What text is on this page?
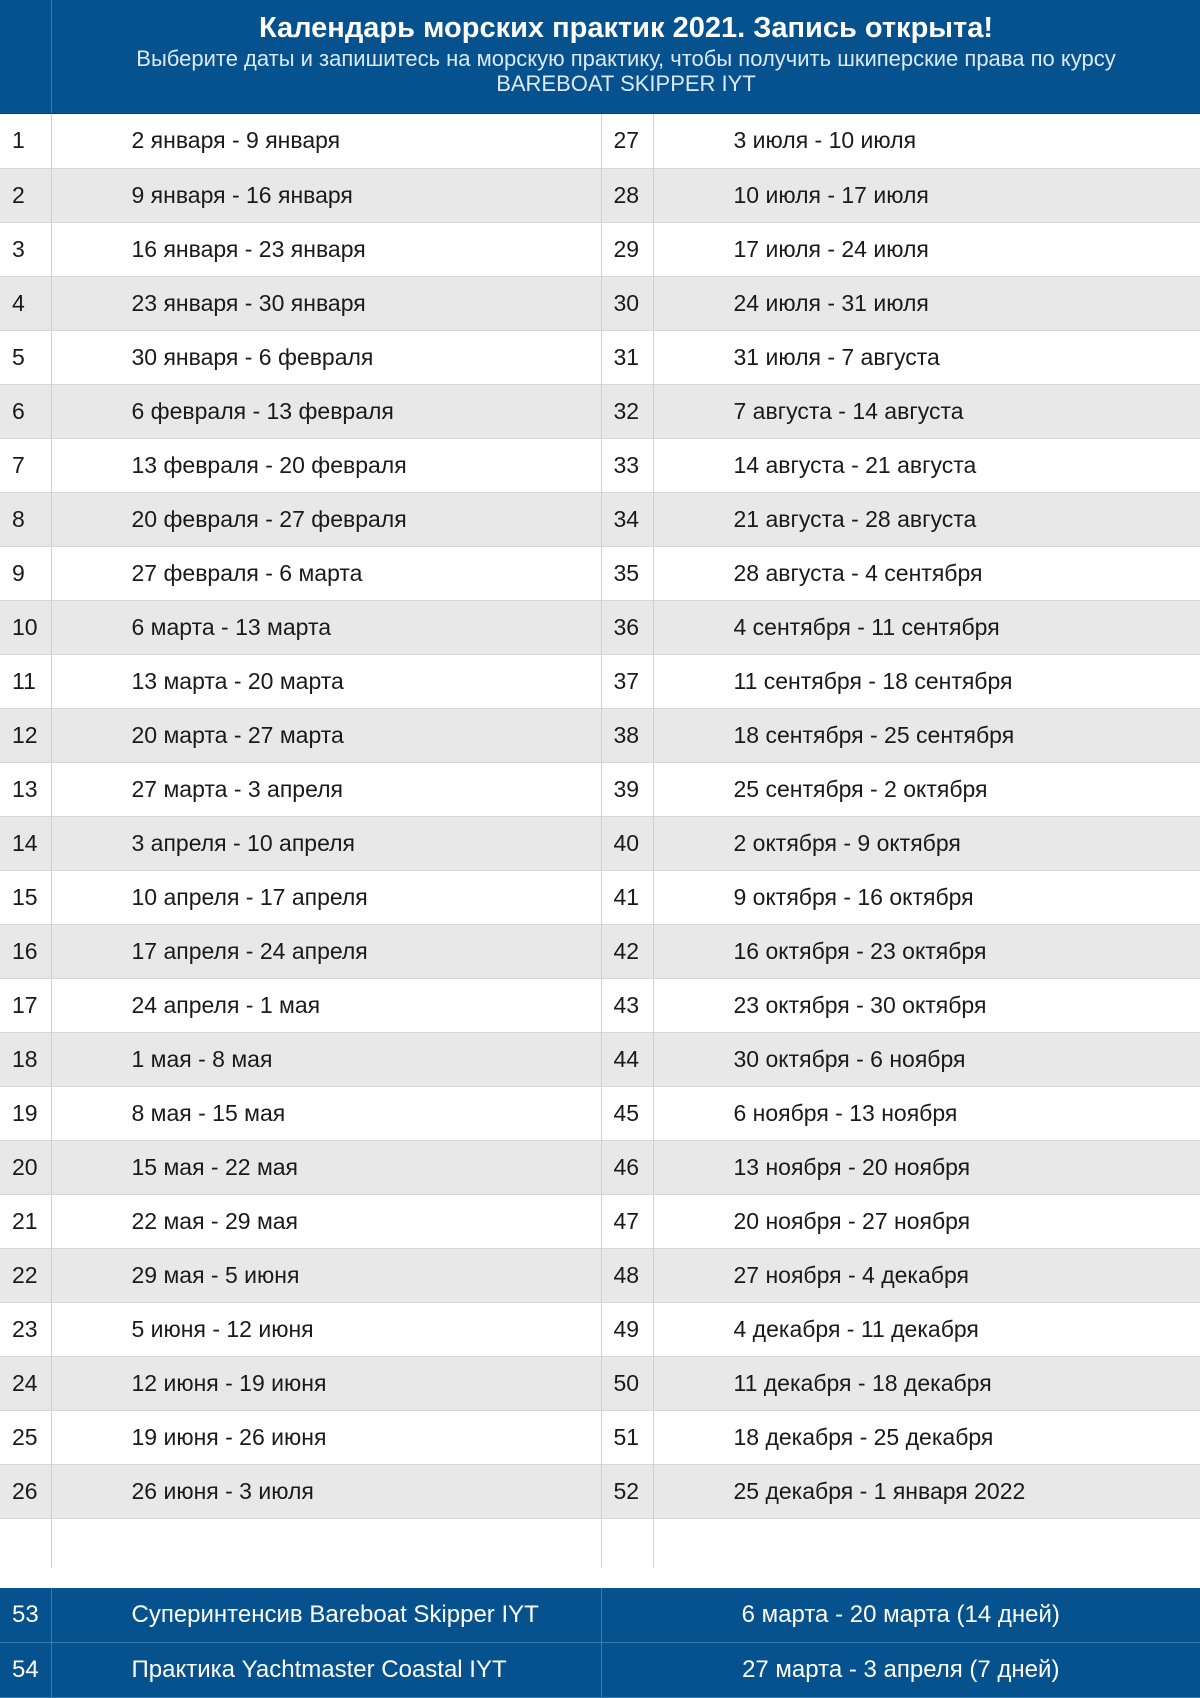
Календарь морских практик 2021. Запись открыта!
Выберите даты и запишитесь на морскую практику, чтобы получить шкиперские права по курсу
BAREBOAT SKIPPER IYT
1	2 января - 9 января	27	3 июля - 10 июля
2	9 января - 16 января	28	10 июля - 17 июля
3	16 января - 23 января	29	17 июля - 24 июля
4	23 января - 30 января	30	24 июля - 31 июля
5	30 января - 6 февраля	31	31 июля - 7 августа
6	6 февраля - 13 февраля	32	7 августа - 14 августа
7	13 февраля - 20 февраля	33	14 августа - 21 августа
8	20 февраля - 27 февраля	34	21 августа - 28 августа
9	27 февраля - 6 марта	35	28 августа - 4 сентября
10	6 марта - 13 марта	36	4 сентября - 11 сентября
11	13 марта - 20 марта	37	11 сентября - 18 сентября
12	20 марта - 27 марта	38	18 сентября - 25 сентября
13	27 марта - 3 апреля	39	25 сентября - 2 октября
14	3 апреля - 10 апреля	40	2 октября - 9 октября
15	10 апреля - 17 апреля	41	9 октября - 16 октября
16	17 апреля - 24 апреля	42	16 октября - 23 октября
17	24 апреля - 1 мая	43	23 октября - 30 октября
18	1 мая - 8 мая	44	30 октября - 6 ноября
19	8 мая - 15 мая	45	6 ноября - 13 ноября
20	15 мая - 22 мая	46	13 ноября - 20 ноября
21	22 мая - 29 мая	47	20 ноября - 27 ноября
22	29 мая - 5 июня	48	27 ноября - 4 декабря
23	5 июня - 12 июня	49	4 декабря - 11 декабря
24	12 июня - 19 июня	50	11 декабря - 18 декабря
25	19 июня - 26 июня	51	18 декабря - 25 декабря
26	26 июня - 3 июля	52	25 декабря - 1 января 2022

53	Суперинтенсив Bareboat Skipper IYT	6 марта - 20 марта (14 дней)
54	Практика Yachtmaster Coastal IYT	27 марта - 3 апреля (7 дней)
